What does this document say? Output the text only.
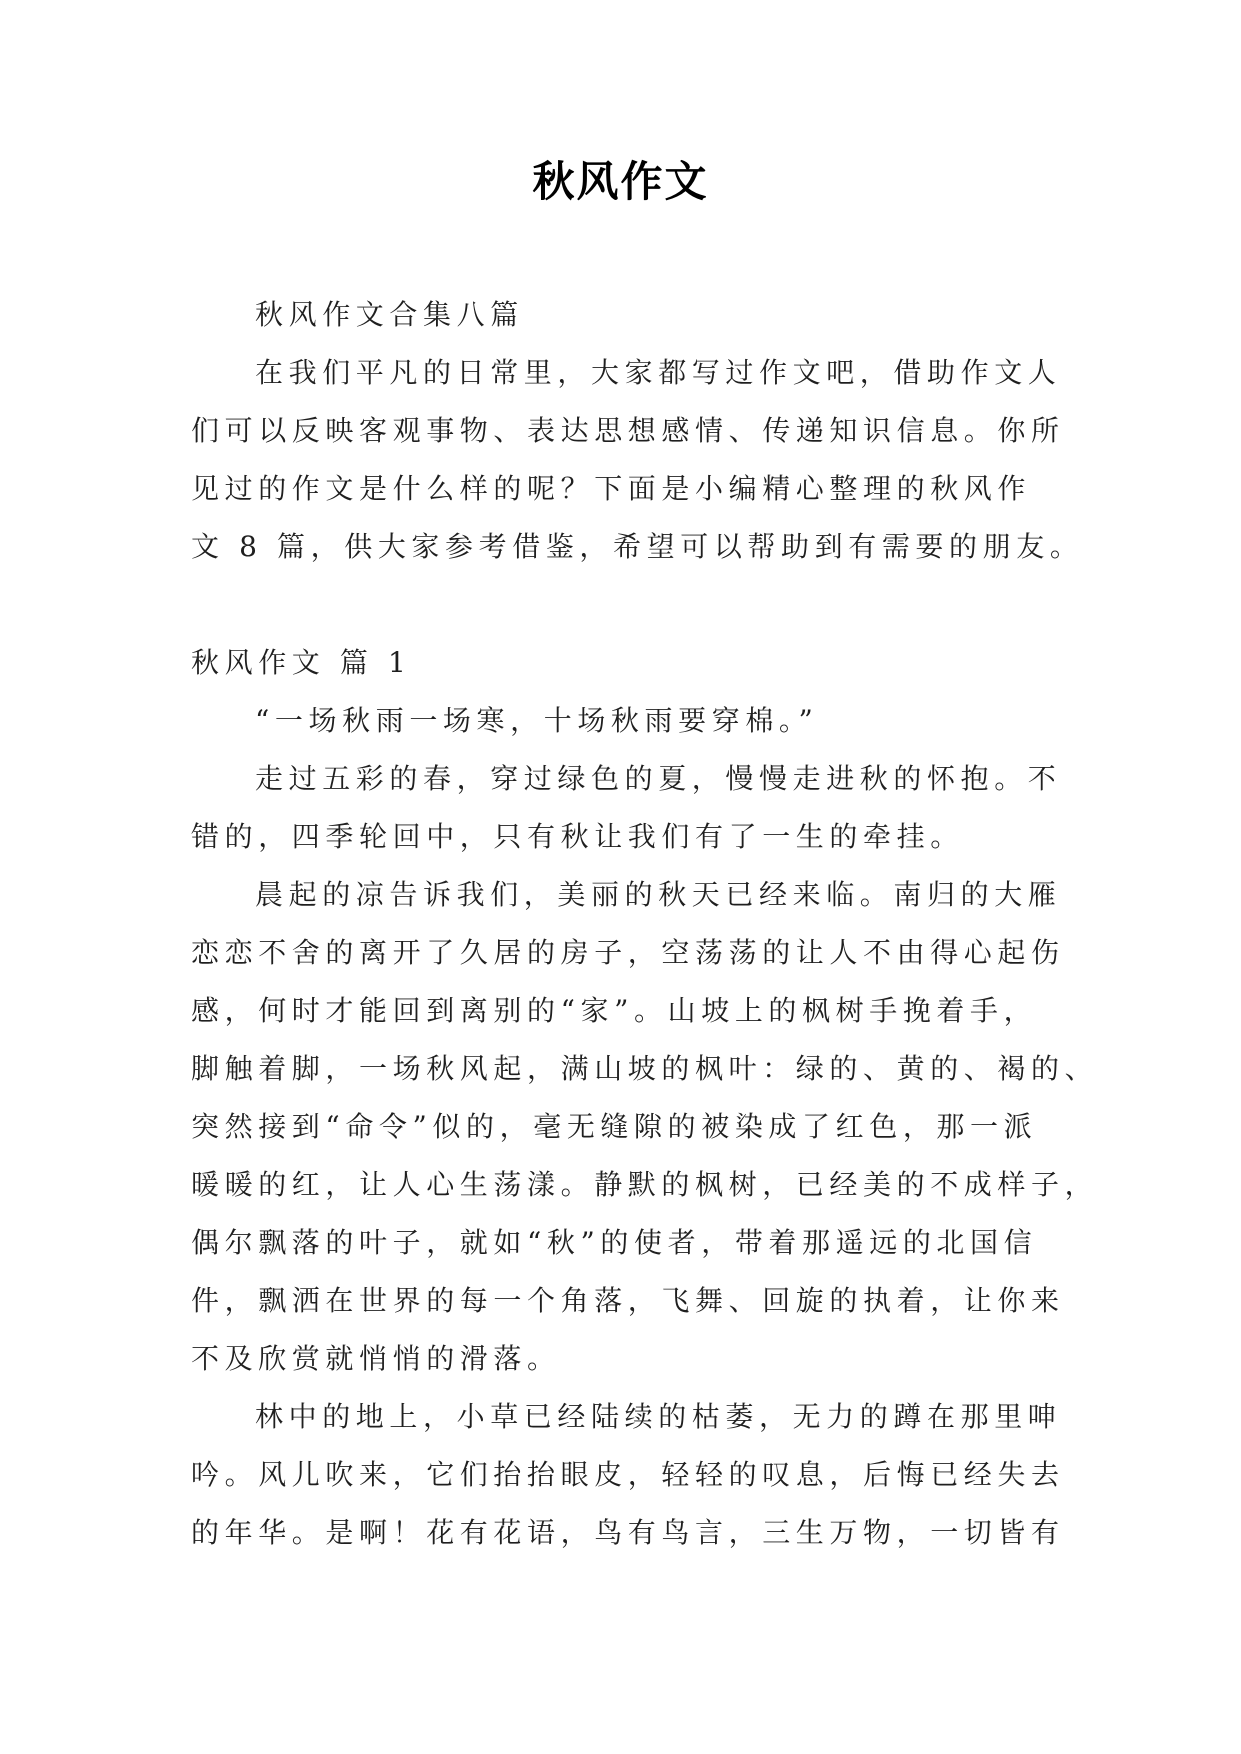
秋风作文
秋风作文合集八篇
在我们平凡的日常里，大家都写过作文吧，借助作文人
们可以反映客观事物、表达思想感情、传递知识信息。你所
见过的作文是什么样的呢？下面是小编精心整理的秋风作
文 8 篇，供大家参考借鉴，希望可以帮助到有需要的朋友。
秋风作文 篇 1
“一场秋雨一场寒，十场秋雨要穿棉。”
走过五彩的春，穿过绿色的夏，慢慢走进秋的怀抱。不
错的，四季轮回中，只有秋让我们有了一生的牵挂。
晨起的凉告诉我们，美丽的秋天已经来临。南归的大雁
恋恋不舍的离开了久居的房子，空荡荡的让人不由得心起伤
感，何时才能回到离别的“家”。山坡上的枫树手挽着手，
脚触着脚，一场秋风起，满山坡的枫叶：绿的、黄的、褐的、
突然接到“命令”似的，毫无缝隙的被染成了红色，那一派
暖暖的红，让人心生荡漾。静默的枫树，已经美的不成样子，
偶尔飘落的叶子，就如“秋”的使者，带着那遥远的北国信
件，飘洒在世界的每一个角落，飞舞、回旋的执着，让你来
不及欣赏就悄悄的滑落。
林中的地上，小草已经陆续的枯萎，无力的蹲在那里呻
吟。风儿吹来，它们抬抬眼皮，轻轻的叹息，后悔已经失去
的年华。是啊！花有花语，鸟有鸟言，三生万物，一切皆有
